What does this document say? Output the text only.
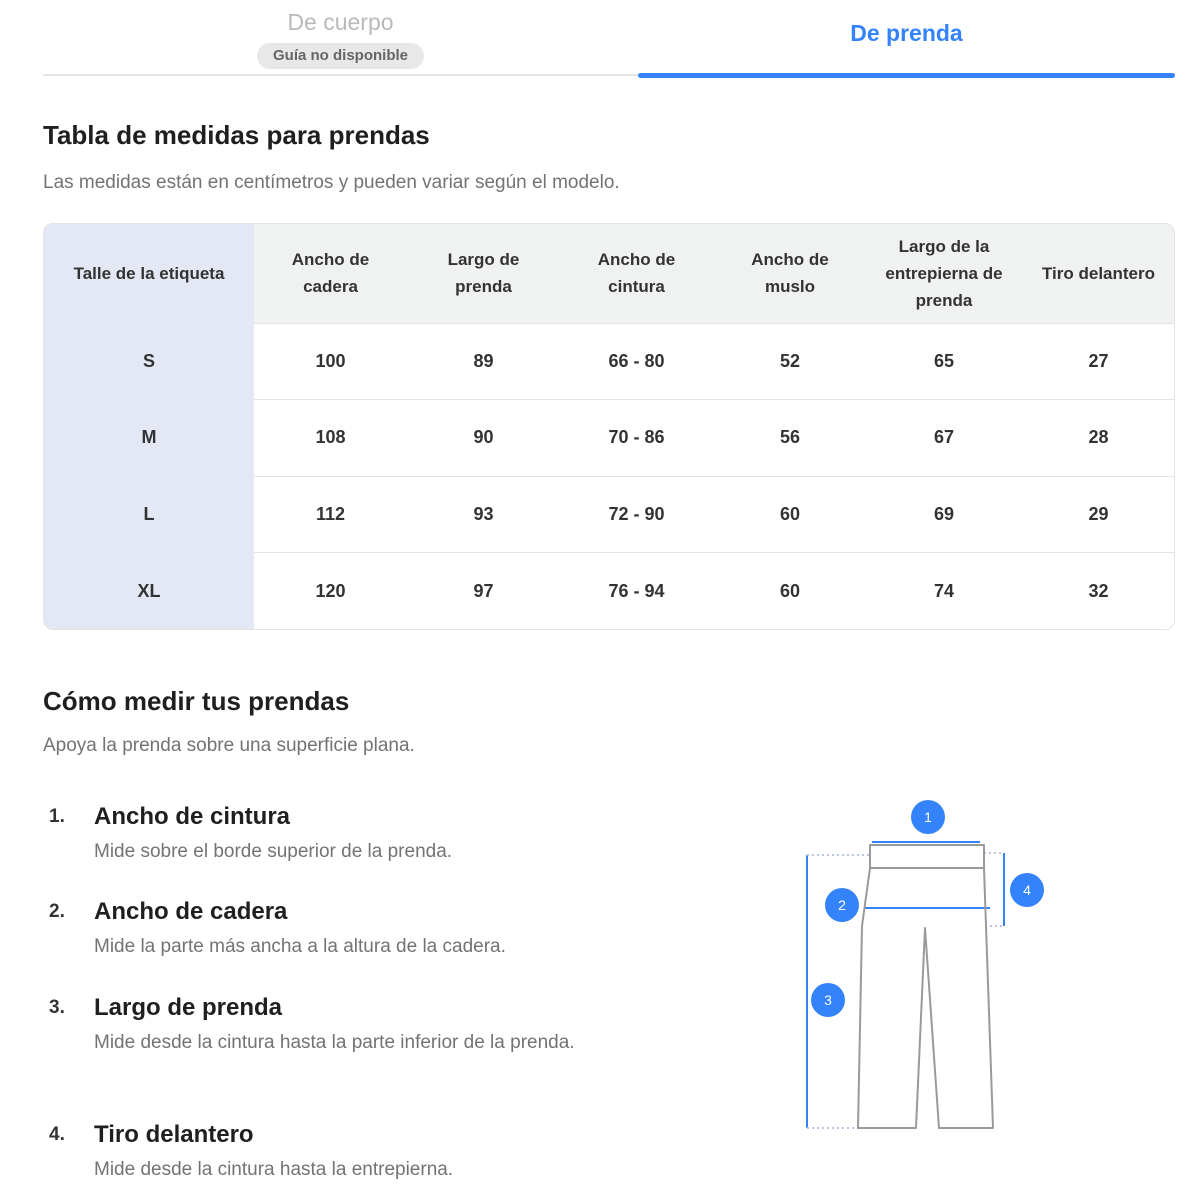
De cuerpo
Guía no disponible
De prenda
Tabla de medidas para prendas
Las medidas están en centímetros y pueden variar según el modelo.
Talle de la etiqueta	Ancho de cadera	Largo de prenda	Ancho de cintura	Ancho de muslo	Largo de la entrepierna de prenda	Tiro delantero
S	100	89	66 - 80	52	65	27
M	108	90	70 - 86	56	67	28
L	112	93	72 - 90	60	69	29
XL	120	97	76 - 94	60	74	32
Cómo medir tus prendas
Apoya la prenda sobre una superficie plana.
1. Ancho de cintura
Mide sobre el borde superior de la prenda.
2. Ancho de cadera
Mide la parte más ancha a la altura de la cadera.
3. Largo de prenda
Mide desde la cintura hasta la parte inferior de la prenda.
4. Tiro delantero
Mide desde la cintura hasta la entrepierna.
1
2
3
4
